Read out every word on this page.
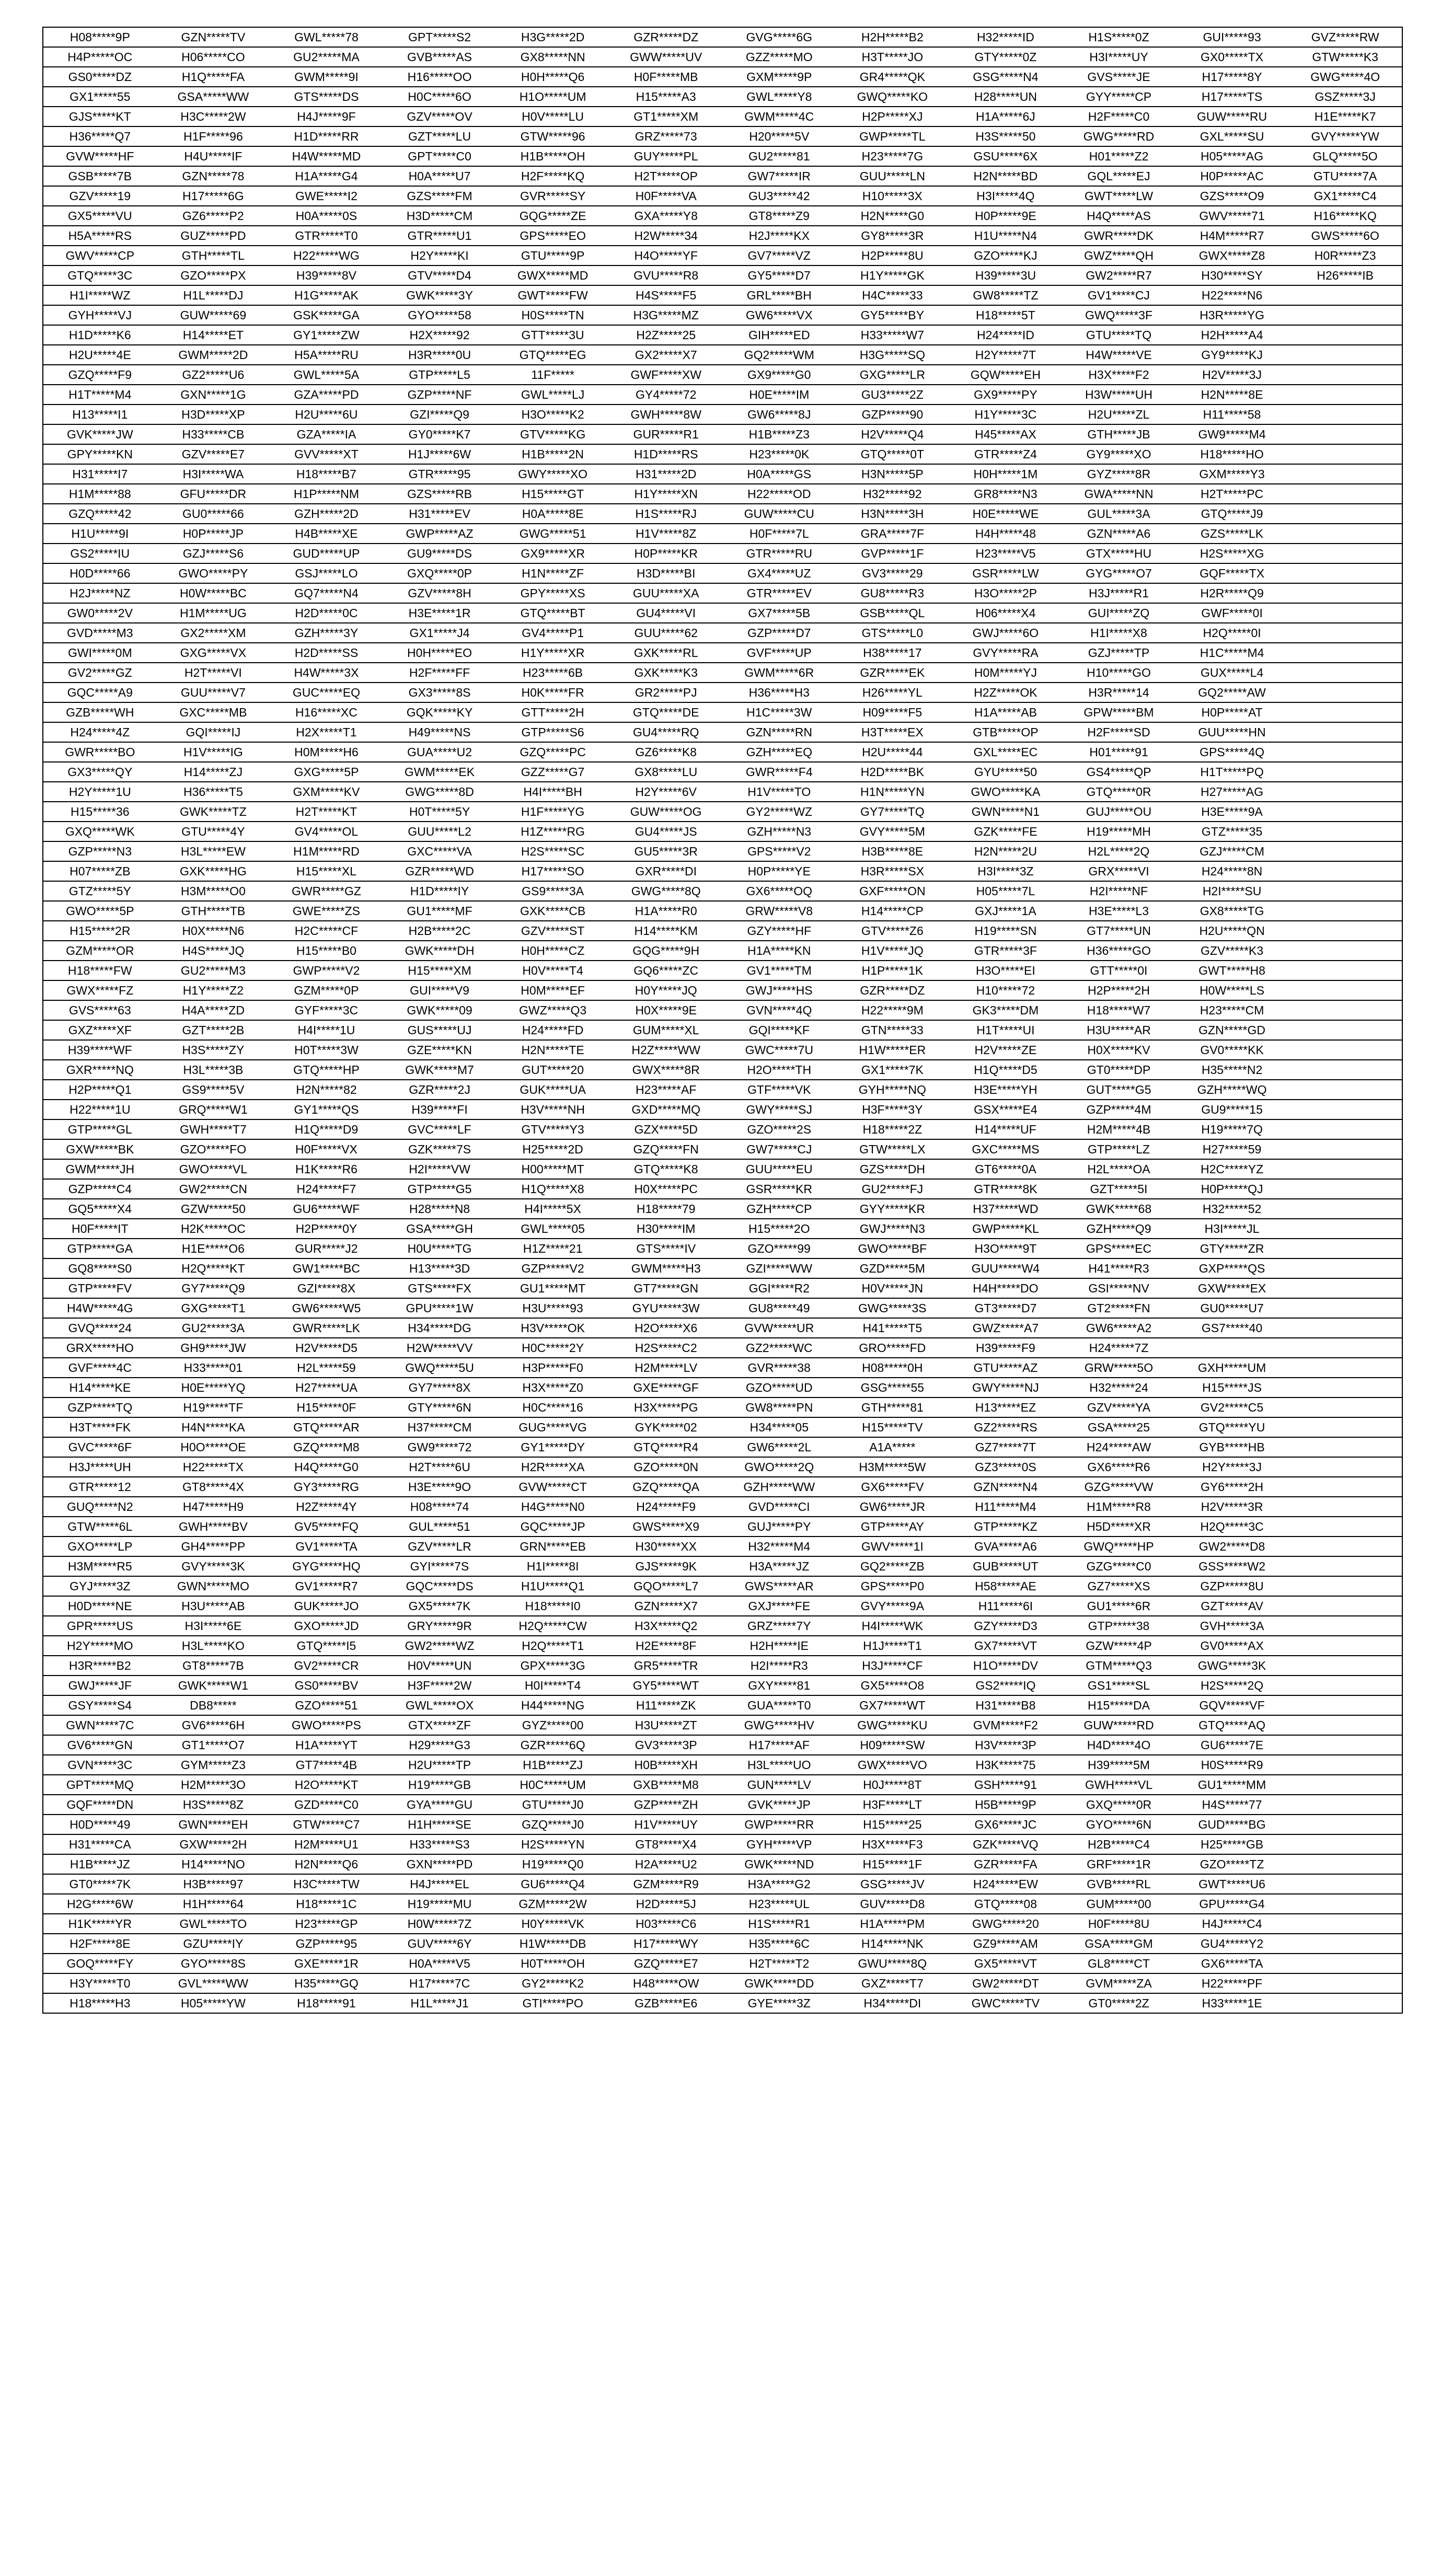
H08*****9P	GZN*****TV	GWL*****78	GPT*****S2	H3G*****2D	GZR*****DZ	GVG*****6G	H2H*****B2	H32*****ID	H1S*****0Z	GUI*****93	GVZ*****RW
H4P*****OC	H06*****CO	GU2*****MA	GVB*****AS	GX8*****NN	GWW*****UV	GZZ*****MO	H3T*****JO	GTY*****0Z	H3I*****UY	GX0*****TX	GTW*****K3
GS0*****DZ	H1Q*****FA	GWM*****9I	H16*****OO	H0H*****Q6	H0F*****MB	GXM*****9P	GR4*****QK	GSG*****N4	GVS*****JE	H17*****8Y	GWG*****4O
GX1*****55	GSA*****WW	GTS*****DS	H0C*****6O	H1O*****UM	H15*****A3	GWL*****Y8	GWQ*****KO	H28*****UN	GYY*****CP	H17*****TS	GSZ*****3J
GJS*****KT	H3C*****2W	H4J*****9F	GZV*****OV	H0V*****LU	GT1*****XM	GWM*****4C	H2P*****XJ	H1A*****6J	H2F*****C0	GUW*****RU	H1E*****K7
H36*****Q7	H1F*****96	H1D*****RR	GZT*****LU	GTW*****96	GRZ*****73	H20*****5V	GWP*****TL	H3S*****50	GWG*****RD	GXL*****SU	GVY*****YW
GVW*****HF	H4U*****IF	H4W*****MD	GPT*****C0	H1B*****OH	GUY*****PL	GU2*****81	H23*****7G	GSU*****6X	H01*****Z2	H05*****AG	GLQ*****5O
GSB*****7B	GZN*****78	H1A*****G4	H0A*****U7	H2F*****KQ	H2T*****OP	GW7*****IR	GUU*****LN	H2N*****BD	GQL*****EJ	H0P*****AC	GTU*****7A
GZV*****19	H17*****6G	GWE*****I2	GZS*****FM	GVR*****SY	H0F*****VA	GU3*****42	H10*****3X	H3I*****4Q	GWT*****LW	GZS*****O9	GX1*****C4
GX5*****VU	GZ6*****P2	H0A*****0S	H3D*****CM	GQG*****ZE	GXA*****Y8	GT8*****Z9	H2N*****G0	H0P*****9E	H4Q*****AS	GWV*****71	H16*****KQ
H5A*****RS	GUZ*****PD	GTR*****T0	GTR*****U1	GPS*****EO	H2W*****34	H2J*****KX	GY8*****3R	H1U*****N4	GWR*****DK	H4M*****R7	GWS*****6O
GWV*****CP	GTH*****TL	H22*****WG	H2Y*****KI	GTU*****9P	H4O*****YF	GV7*****VZ	H2P*****8U	GZO*****KJ	GWZ*****QH	GWX*****Z8	H0R*****Z3
GTQ*****3C	GZO*****PX	H39*****8V	GTV*****D4	GWX*****MD	GVU*****R8	GY5*****D7	H1Y*****GK	H39*****3U	GW2*****R7	H30*****SY	H26*****IB
H1I*****WZ	H1L*****DJ	H1G*****AK	GWK*****3Y	GWT*****FW	H4S*****F5	GRL*****BH	H4C*****33	GW8*****TZ	GV1*****CJ	H22*****N6	
GYH*****VJ	GUW*****69	GSK*****GA	GYO*****58	H0S*****TN	H3G*****MZ	GW6*****VX	GY5*****BY	H18*****5T	GWQ*****3F	H3R*****YG	
H1D*****K6	H14*****ET	GY1*****ZW	H2X*****92	GTT*****3U	H2Z*****25	GIH*****ED	H33*****W7	H24*****ID	GTU*****TQ	H2H*****A4	
H2U*****4E	GWM*****2D	H5A*****RU	H3R*****0U	GTQ*****EG	GX2*****X7	GQ2*****WM	H3G*****SQ	H2Y*****7T	H4W*****VE	GY9*****KJ	
GZQ*****F9	GZ2*****U6	GWL*****5A	GTP*****L5	11F*****	GWF*****XW	GX9*****G0	GXG*****LR	GQW*****EH	H3X*****F2	H2V*****3J	
H1T*****M4	GXN*****1G	GZA*****PD	GZP*****NF	GWL*****LJ	GY4*****72	H0E*****IM	GU3*****2Z	GX9*****PY	H3W*****UH	H2N*****8E	
H13*****I1	H3D*****XP	H2U*****6U	GZI*****Q9	H3O*****K2	GWH*****8W	GW6*****8J	GZP*****90	H1Y*****3C	H2U*****ZL	H11*****58	
GVK*****JW	H33*****CB	GZA*****IA	GY0*****K7	GTV*****KG	GUR*****R1	H1B*****Z3	H2V*****Q4	H45*****AX	GTH*****JB	GW9*****M4	
GPY*****KN	GZV*****E7	GVV*****XT	H1J*****6W	H1B*****2N	H1D*****RS	H23*****0K	GTQ*****0T	GTR*****Z4	GY9*****XO	H18*****HO	
H31*****I7	H3I*****WA	H18*****B7	GTR*****95	GWY*****XO	H31*****2D	H0A*****GS	H3N*****5P	H0H*****1M	GYZ*****8R	GXM*****Y3	
H1M*****88	GFU*****DR	H1P*****NM	GZS*****RB	H15*****GT	H1Y*****XN	H22*****OD	H32*****92	GR8*****N3	GWA*****NN	H2T*****PC	
GZQ*****42	GU0*****66	GZH*****2D	H31*****EV	H0A*****8E	H1S*****RJ	GUW*****CU	H3N*****3H	H0E*****WE	GUL*****3A	GTQ*****J9	
H1U*****9I	H0P*****JP	H4B*****XE	GWP*****AZ	GWG*****51	H1V*****8Z	H0F*****7L	GRA*****7F	H4H*****48	GZN*****A6	GZS*****LK	
GS2*****IU	GZJ*****S6	GUD*****UP	GU9*****DS	GX9*****XR	H0P*****KR	GTR*****RU	GVP*****1F	H23*****V5	GTX*****HU	H2S*****XG	
H0D*****66	GWO*****PY	GSJ*****LO	GXQ*****0P	H1N*****ZF	H3D*****BI	GX4*****UZ	GV3*****29	GSR*****LW	GYG*****O7	GQF*****TX	
H2J*****NZ	H0W*****BC	GQ7*****N4	GZV*****8H	GPY*****XS	GUU*****XA	GTR*****EV	GU8*****R3	H3O*****2P	H3J*****R1	H2R*****Q9	
GW0*****2V	H1M*****UG	H2D*****0C	H3E*****1R	GTQ*****BT	GU4*****VI	GX7*****5B	GSB*****QL	H06*****X4	GUI*****ZQ	GWF*****0I	
GVD*****M3	GX2*****XM	GZH*****3Y	GX1*****J4	GV4*****P1	GUU*****62	GZP*****D7	GTS*****L0	GWJ*****6O	H1I*****X8	H2Q*****0I	
GWI*****0M	GXG*****VX	H2D*****SS	H0H*****EO	H1Y*****XR	GXK*****RL	GVF*****UP	H38*****17	GVY*****RA	GZJ*****TP	H1C*****M4	
GV2*****GZ	H2T*****VI	H4W*****3X	H2F*****FF	H23*****6B	GXK*****K3	GWM*****6R	GZR*****EK	H0M*****YJ	H10*****GO	GUX*****L4	
GQC*****A9	GUU*****V7	GUC*****EQ	GX3*****8S	H0K*****FR	GR2*****PJ	H36*****H3	H26*****YL	H2Z*****OK	H3R*****14	GQ2*****AW	
GZB*****WH	GXC*****MB	H16*****XC	GQK*****KY	GTT*****2H	GTQ*****DE	H1C*****3W	H09*****F5	H1A*****AB	GPW*****BM	H0P*****AT	
H24*****4Z	GQI*****IJ	H2X*****T1	H49*****NS	GTP*****S6	GU4*****RQ	GZN*****RN	H3T*****EX	GTB*****OP	H2F*****SD	GUU*****HN	
GWR*****BO	H1V*****IG	H0M*****H6	GUA*****U2	GZQ*****PC	GZ6*****K8	GZH*****EQ	H2U*****44	GXL*****EC	H01*****91	GPS*****4Q	
GX3*****QY	H14*****ZJ	GXG*****5P	GWM*****EK	GZZ*****G7	GX8*****LU	GWR*****F4	H2D*****BK	GYU*****50	GS4*****QP	H1T*****PQ	
H2Y*****1U	H36*****T5	GXM*****KV	GWG*****8D	H4I*****BH	H2Y*****6V	H1V*****TO	H1N*****YN	GWO*****KA	GTQ*****0R	H27*****AG	
H15*****36	GWK*****TZ	H2T*****KT	H0T*****5Y	H1F*****YG	GUW*****OG	GY2*****WZ	GY7*****TQ	GWN*****N1	GUJ*****OU	H3E*****9A	
GXQ*****WK	GTU*****4Y	GV4*****OL	GUU*****L2	H1Z*****RG	GU4*****JS	GZH*****N3	GVY*****5M	GZK*****FE	H19*****MH	GTZ*****35	
GZP*****N3	H3L*****EW	H1M*****RD	GXC*****VA	H2S*****SC	GU5*****3R	GPS*****V2	H3B*****8E	H2N*****2U	H2L*****2Q	GZJ*****CM	
H07*****ZB	GXK*****HG	H15*****XL	GZR*****WD	H17*****SO	GXR*****DI	H0P*****YE	H3R*****SX	H3I*****3Z	GRX*****VI	H24*****8N	
GTZ*****5Y	H3M*****O0	GWR*****GZ	H1D*****IY	GS9*****3A	GWG*****8Q	GX6*****OQ	GXF*****ON	H05*****7L	H2I*****NF	H2I*****SU	
GWO*****5P	GTH*****TB	GWE*****ZS	GU1*****MF	GXK*****CB	H1A*****R0	GRW*****V8	H14*****CP	GXJ*****1A	H3E*****L3	GX8*****TG	
H15*****2R	H0X*****N6	H2C*****CF	H2B*****2C	GZV*****ST	H14*****KM	GZY*****HF	GTV*****Z6	H19*****SN	GT7*****UN	H2U*****QN	
GZM*****OR	H4S*****JQ	H15*****B0	GWK*****DH	H0H*****CZ	GQG*****9H	H1A*****KN	H1V*****JQ	GTR*****3F	H36*****GO	GZV*****K3	
H18*****FW	GU2*****M3	GWP*****V2	H15*****XM	H0V*****T4	GQ6*****ZC	GV1*****TM	H1P*****1K	H3O*****EI	GTT*****0I	GWT*****H8	
GWX*****FZ	H1Y*****Z2	GZM*****0P	GUI*****V9	H0M*****EF	H0Y*****JQ	GWJ*****HS	GZR*****DZ	H10*****72	H2P*****2H	H0W*****LS	
GVS*****63	H4A*****ZD	GYF*****3C	GWK*****09	GWZ*****Q3	H0X*****9E	GVN*****4Q	H22*****9M	GK3*****DM	H18*****W7	H23*****CM	
GXZ*****XF	GZT*****2B	H4I*****1U	GUS*****UJ	H24*****FD	GUM*****XL	GQI*****KF	GTN*****33	H1T*****UI	H3U*****AR	GZN*****GD	
H39*****WF	H3S*****ZY	H0T*****3W	GZE*****KN	H2N*****TE	H2Z*****WW	GWC*****7U	H1W*****ER	H2V*****ZE	H0X*****KV	GV0*****KK	
GXR*****NQ	H3L*****3B	GTQ*****HP	GWK*****M7	GUT*****20	GWX*****8R	H2O*****TH	GX1*****7K	H1Q*****D5	GT0*****DP	H35*****N2	
H2P*****Q1	GS9*****5V	H2N*****82	GZR*****2J	GUK*****UA	H23*****AF	GTF*****VK	GYH*****NQ	H3E*****YH	GUT*****G5	GZH*****WQ	
H22*****1U	GRQ*****W1	GY1*****QS	H39*****FI	H3V*****NH	GXD*****MQ	GWY*****SJ	H3F*****3Y	GSX*****E4	GZP*****4M	GU9*****15	
GTP*****GL	GWH*****T7	H1Q*****D9	GVC*****LF	GTV*****Y3	GZX*****5D	GZO*****2S	H18*****2Z	H14*****UF	H2M*****4B	H19*****7Q	
GXW*****BK	GZO*****FO	H0F*****VX	GZK*****7S	H25*****2D	GZQ*****FN	GW7*****CJ	GTW*****LX	GXC*****MS	GTP*****LZ	H27*****59	
GWM*****JH	GWO*****VL	H1K*****R6	H2I*****VW	H00*****MT	GTQ*****K8	GUU*****EU	GZS*****DH	GT6*****0A	H2L*****OA	H2C*****YZ	
GZP*****C4	GW2*****CN	H24*****F7	GTP*****G5	H1Q*****X8	H0X*****PC	GSR*****KR	GU2*****FJ	GTR*****8K	GZT*****5I	H0P*****QJ	
GQ5*****X4	GZW*****50	GU6*****WF	H28*****N8	H4I*****5X	H18*****79	GZH*****CP	GYY*****KR	H37*****WD	GWK*****68	H32*****52	
H0F*****IT	H2K*****OC	H2P*****0Y	GSA*****GH	GWL*****05	H30*****IM	H15*****2O	GWJ*****N3	GWP*****KL	GZH*****Q9	H3I*****JL	
GTP*****GA	H1E*****O6	GUR*****J2	H0U*****TG	H1Z*****21	GTS*****IV	GZO*****99	GWO*****BF	H3O*****9T	GPS*****EC	GTY*****ZR	
GQ8*****S0	H2Q*****KT	GW1*****BC	H13*****3D	GZP*****V2	GWM*****H3	GZI*****WW	GZD*****5M	GUU*****W4	H41*****R3	GXP*****QS	
GTP*****FV	GY7*****Q9	GZI*****8X	GTS*****FX	GU1*****MT	GT7*****GN	GGI*****R2	H0V*****JN	H4H*****DO	GSI*****NV	GXW*****EX	
H4W*****4G	GXG*****T1	GW6*****W5	GPU*****1W	H3U*****93	GYU*****3W	GU8*****49	GWG*****3S	GT3*****D7	GT2*****FN	GU0*****U7	
GVQ*****24	GU2*****3A	GWR*****LK	H34*****DG	H3V*****OK	H2O*****X6	GVW*****UR	H41*****T5	GWZ*****A7	GW6*****A2	GS7*****40	
GRX*****HO	GH9*****JW	H2V*****D5	H2W*****VV	H0C*****2Y	H2S*****C2	GZ2*****WC	GRO*****FD	H39*****F9	H24*****7Z		
GVF*****4C	H33*****01	H2L*****59	GWQ*****5U	H3P*****F0	H2M*****LV	GVR*****38	H08*****0H	GTU*****AZ	GRW*****5O	GXH*****UM	
H14*****KE	H0E*****YQ	H27*****UA	GY7*****8X	H3X*****Z0	GXE*****GF	GZO*****UD	GSG*****55	GWY*****NJ	H32*****24	H15*****JS	
GZP*****TQ	H19*****TF	H15*****0F	GTY*****6N	H0C*****16	H3X*****PG	GW8*****PN	GTH*****81	H13*****EZ	GZV*****YA	GV2*****C5	
H3T*****FK	H4N*****KA	GTQ*****AR	H37*****CM	GUG*****VG	GYK*****02	H34*****05	H15*****TV	GZ2*****RS	GSA*****25	GTQ*****YU	
GVC*****6F	H0O*****OE	GZQ*****M8	GW9*****72	GY1*****DY	GTQ*****R4	GW6*****2L	A1A*****	GZ7*****7T	H24*****AW	GYB*****HB	
H3J*****UH	H22*****TX	H4Q*****G0	H2T*****6U	H2R*****XA	GZO*****0N	GWO*****2Q	H3M*****5W	GZ3*****0S	GX6*****R6	H2Y*****3J	
GTR*****12	GT8*****4X	GY3*****RG	H3E*****9O	GVW*****CT	GZQ*****QA	GZH*****WW	GX6*****FV	GZN*****N4	GZG*****VW	GY6*****2H	
GUQ*****N2	H47*****H9	H2Z*****4Y	H08*****74	H4G*****N0	H24*****F9	GVD*****CI	GW6*****JR	H11*****M4	H1M*****R8	H2V*****3R	
GTW*****6L	GWH*****BV	GV5*****FQ	GUL*****51	GQC*****JP	GWS*****X9	GUJ*****PY	GTP*****AY	GTP*****KZ	H5D*****XR	H2Q*****3C	
GXO*****LP	GH4*****PP	GV1*****TA	GZV*****LR	GRN*****EB	H30*****XX	H32*****M4	GWV*****1I	GVA*****A6	GWQ*****HP	GW2*****D8	
H3M*****R5	GVY*****3K	GYG*****HQ	GYI*****7S	H1I*****8I	GJS*****9K	H3A*****JZ	GQ2*****ZB	GUB*****UT	GZG*****C0	GSS*****W2	
GYJ*****3Z	GWN*****MO	GV1*****R7	GQC*****DS	H1U*****Q1	GQO*****L7	GWS*****AR	GPS*****P0	H58*****AE	GZ7*****XS	GZP*****8U	
H0D*****NE	H3U*****AB	GUK*****JO	GX5*****7K	H18*****I0	GZN*****X7	GXJ*****FE	GVY*****9A	H11*****6I	GU1*****6R	GZT*****AV	
GPR*****US	H3I*****6E	GXO*****JD	GRY*****9R	H2Q*****CW	H3X*****Q2	GRZ*****7Y	H4I*****WK	GZY*****D3	GTP*****38	GVH*****3A	
H2Y*****MO	H3L*****KO	GTQ*****I5	GW2*****WZ	H2Q*****T1	H2E*****8F	H2H*****IE	H1J*****T1	GX7*****VT	GZW*****4P	GV0*****AX	
H3R*****B2	GT8*****7B	GV2*****CR	H0V*****UN	GPX*****3G	GR5*****TR	H2I*****R3	H3J*****CF	H1O*****DV	GTM*****Q3	GWG*****3K	
GWJ*****JF	GWK*****W1	GS0*****BV	H3F*****2W	H0I*****T4	GY5*****WT	GXY*****81	GX5*****O8	GS2*****IQ	GS1*****SL	H2S*****2Q	
GSY*****S4	DB8*****	GZO*****51	GWL*****OX	H44*****NG	H11*****ZK	GUA*****T0	GX7*****WT	H31*****B8	H15*****DA	GQV*****VF	
GWN*****7C	GV6*****6H	GWO*****PS	GTX*****ZF	GYZ*****00	H3U*****ZT	GWG*****HV	GWG*****KU	GVM*****F2	GUW*****RD	GTQ*****AQ	
GV6*****GN	GT1*****O7	H1A*****YT	H29*****G3	GZR*****6Q	GV3*****3P	H17*****AF	H09*****SW	H3V*****3P	H4D*****4O	GU6*****7E	
GVN*****3C	GYM*****Z3	GT7*****4B	H2U*****TP	H1B*****ZJ	H0B*****XH	H3L*****UO	GWX*****VO	H3K*****75	H39*****5M	H0S*****R9	
GPT*****MQ	H2M*****3O	H2O*****KT	H19*****GB	H0C*****UM	GXB*****M8	GUN*****LV	H0J*****8T	GSH*****91	GWH*****VL	GU1*****MM	
GQF*****DN	H3S*****8Z	GZD*****C0	GYA*****GU	GTU*****J0	GZP*****ZH	GVK*****JP	H3F*****LT	H5B*****9P	GXQ*****0R	H4S*****77	
H0D*****49	GWN*****EH	GTW*****C7	H1H*****SE	GZQ*****J0	H1V*****UY	GWP*****RR	H15*****25	GX6*****JC	GYO*****6N	GUD*****BG	
H31*****CA	GXW*****2H	H2M*****U1	H33*****S3	H2S*****YN	GT8*****X4	GYH*****VP	H3X*****F3	GZK*****VQ	H2B*****C4	H25*****GB	
H1B*****JZ	H14*****NO	H2N*****Q6	GXN*****PD	H19*****Q0	H2A*****U2	GWK*****ND	H15*****1F	GZR*****FA	GRF*****1R	GZO*****TZ	
GT0*****7K	H3B*****97	H3C*****TW	H4J*****EL	GU6*****Q4	GZM*****R9	H3A*****G2	GSG*****JV	H24*****EW	GVB*****RL	GWT*****U6	
H2G*****6W	H1H*****64	H18*****1C	H19*****MU	GZM*****2W	H2D*****5J	H23*****UL	GUV*****D8	GTQ*****08	GUM*****00	GPU*****G4	
H1K*****YR	GWL*****TO	H23*****GP	H0W*****7Z	H0Y*****VK	H03*****C6	H1S*****R1	H1A*****PM	GWG*****20	H0F*****8U	H4J*****C4	
H2F*****8E	GZU*****IY	GZP*****95	GUV*****6Y	H1W*****DB	H17*****WY	H35*****6C	H14*****NK	GZ9*****AM	GSA*****GM	GU4*****Y2	
GOQ*****FY	GYO*****8S	GXE*****1R	H0A*****V5	H0T*****OH	GZQ*****E7	H2T*****T2	GWU*****8Q	GX5*****VT	GL8*****CT	GX6*****TA	
H3Y*****T0	GVL*****WW	H35*****GQ	H17*****7C	GY2*****K2	H48*****OW	GWK*****DD	GXZ*****T7	GW2*****DT	GVM*****ZA	H22*****PF	
H18*****H3	H05*****YW	H18*****91	H1L*****J1	GTI*****PO	GZB*****E6	GYE*****3Z	H34*****DI	GWC*****TV	GT0*****2Z	H33*****1E	
